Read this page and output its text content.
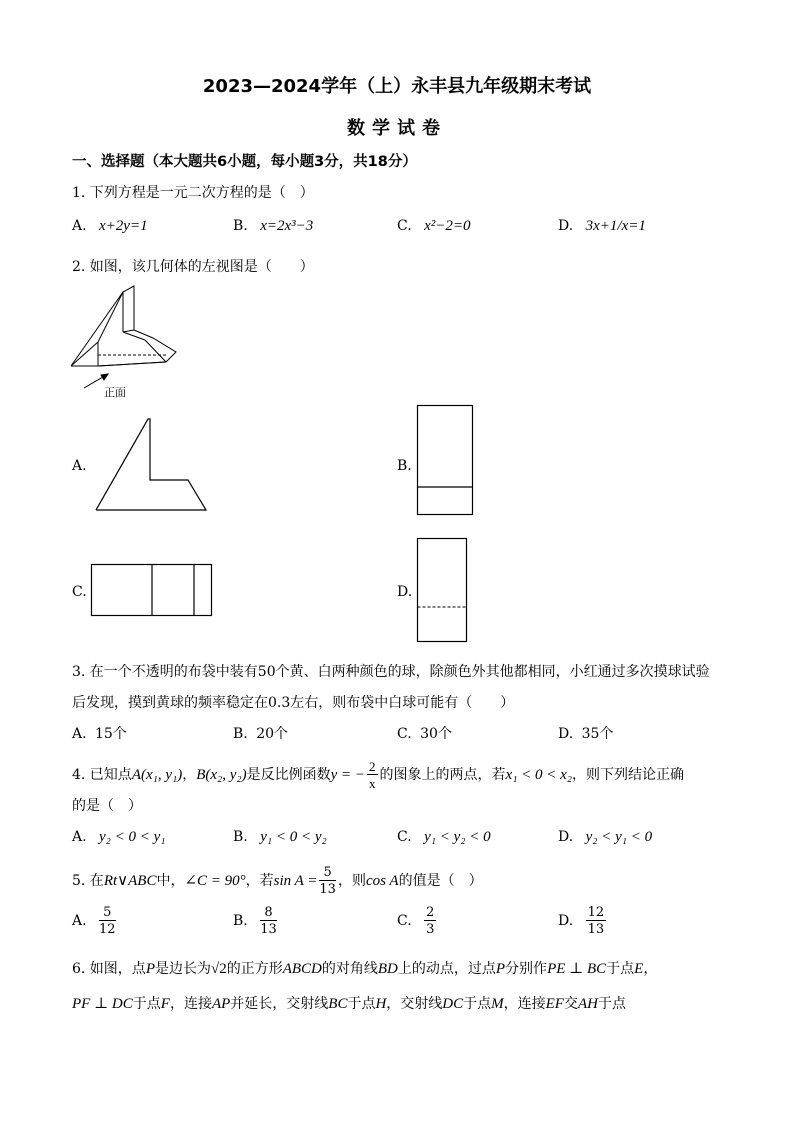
2023—2024学年（上）永丰县九年级期末考试
数学试卷
一、选择题（本大题共6小题，每小题3分，共18分）
1. 下列方程是一元二次方程的是（　）
A. x+2y=1	B. x=2x³−3	C. x²−2=0	D. 3x+1/x=1
2. 如图，该几何体的左视图是（　　）
正面
A.	B.
C.	D.
3. 在一个不透明的布袋中装有50个黄、白两种颜色的球，除颜色外其他都相同，小红通过多次摸球试验
后发现，摸到黄球的频率稳定在0.3左右，则布袋中白球可能有（　　）
A. 15个	B. 20个	C. 30个	D. 35个
4. 已知点A(x₁, y₁)，B(x₂, y₂)是反比例函数y = − $\frac{2}{x}$ 的图象上的两点，若x₁ < 0 < x₂，则下列结论正确
的是（　）
A. y₂ < 0 < y₁	B. y₁ < 0 < y₂	C. y₁ < y₂ < 0	D. y₂ < y₁ < 0
5. 在Rt∨ABC中，∠C = 90°，若$\sin A = \frac{5}{13}$ ，则cos A的值是（　）
A. $\frac{5}{12}$	B. $\frac{8}{13}$	C. $\frac{2}{3}$	D. $\frac{12}{13}$
6. 如图，点P是边长为√2的正方形ABCD的对角线BD上的动点，过点P分别作PE ⊥ BC于点E，
PF ⊥ DC于点F，连接AP并延长，交射线BC于点H，交射线DC于点M，连接EF交AH于点
